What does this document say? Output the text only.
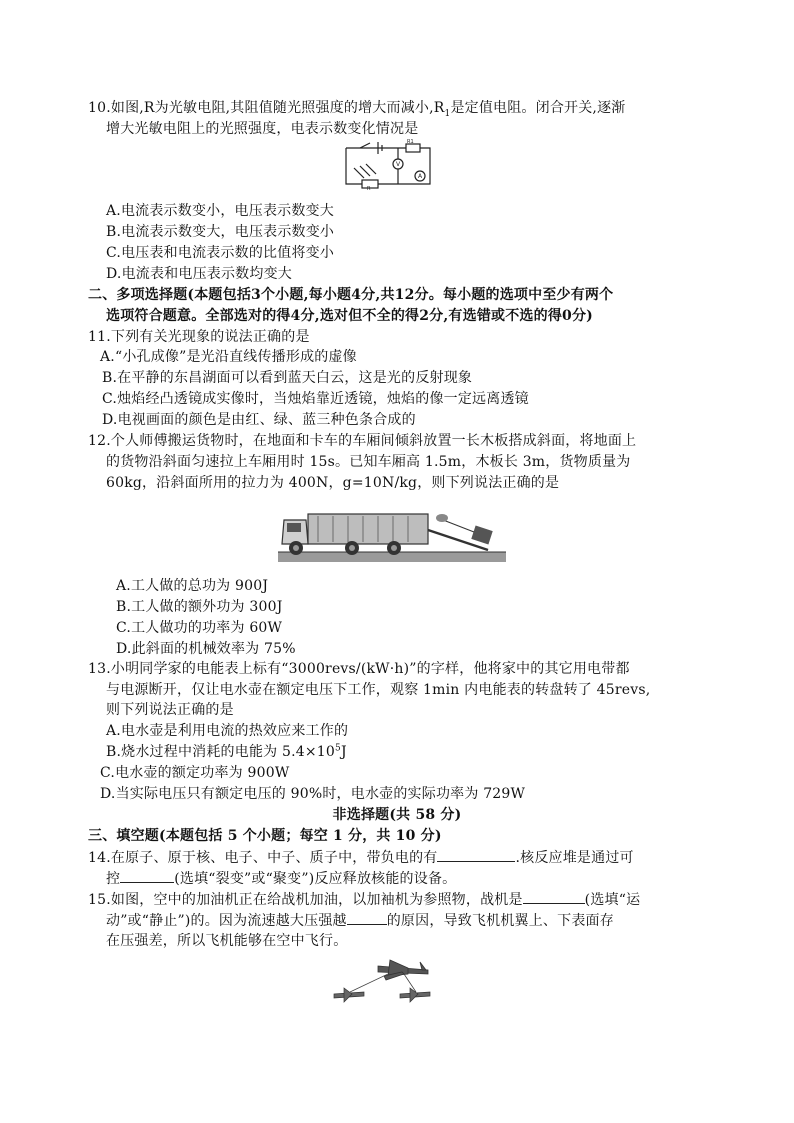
10.如图,R为光敏电阻,其阻值随光照强度的增大而减小$,R_1$是定值电阻。闭合开关,逐渐
增大光敏电阻上的光照强度，电表示数变化情况是
R1
V
A
R
A.电流表示数变小，电压表示数变大
B.电流表示数变大，电压表示数变小
C.电压表和电流表示数的比值将变小
D.电流表和电压表示数均变大
二、多项选择题(本题包括3个小题,每小题4分,共12分。每小题的选项中至少有两个
选项符合题意。全部选对的得4分,选对但不全的得2分,有选错或不选的得0分)
11.下列有关光现象的说法正确的是
A.“小孔成像”是光沿直线传播形成的虚像
B.在平静的东昌湖面可以看到蓝天白云，这是光的反射现象
C.烛焰经凸透镜成实像时，当烛焰靠近透镜，烛焰的像一定远离透镜
D.电视画面的颜色是由红、绿、蓝三种色条合成的
12.个人师傅搬运货物时，在地面和卡车的车厢间倾斜放置一长木板搭成斜面，将地面上
的货物沿斜面匀速拉上车厢用时 15s。已知车厢高 1.5m，木板长 3m，货物质量为
60kg，沿斜面所用的拉力为 400N，g=10N/kg，则下列说法正确的是
A.工人做的总功为 900J
B.工人做的额外功为 300J
C.工人做功的功率为 60W
D.此斜面的机械效率为 75%
13.小明同学家的电能表上标有“3000revs/(kW·h)”的字样，他将家中的其它用电带都
与电源断开，仅让电水壶在额定电压下工作，观察 1min 内电能表的转盘转了 45revs,
则下列说法正确的是
A.电水壶是利用电流的热效应来工作的
B.烧水过程中消耗的电能为 $5.4\times 10^5J$
C.电水壶的额定功率为 900W
D.当实际电压只有额定电压的 90%时，电水壶的实际功率为 729W
非选择题(共 58 分)
三、填空题(本题包括 5 个小题；每空 1 分，共 10 分)
14.在原子、原于核、电子、中子、质子中，带负电的有	.核反应堆是通过可
控	(选填“裂变”或“聚变”)反应释放核能的设备。
15.如图，空中的加油机正在给战机加油，以加袖机为参照物，战机是	(选填“运
动”或“静止”)的。因为流速越大压强越	的原因，导致飞机机翼上、下表面存
在压强差，所以飞机能够在空中飞行。
